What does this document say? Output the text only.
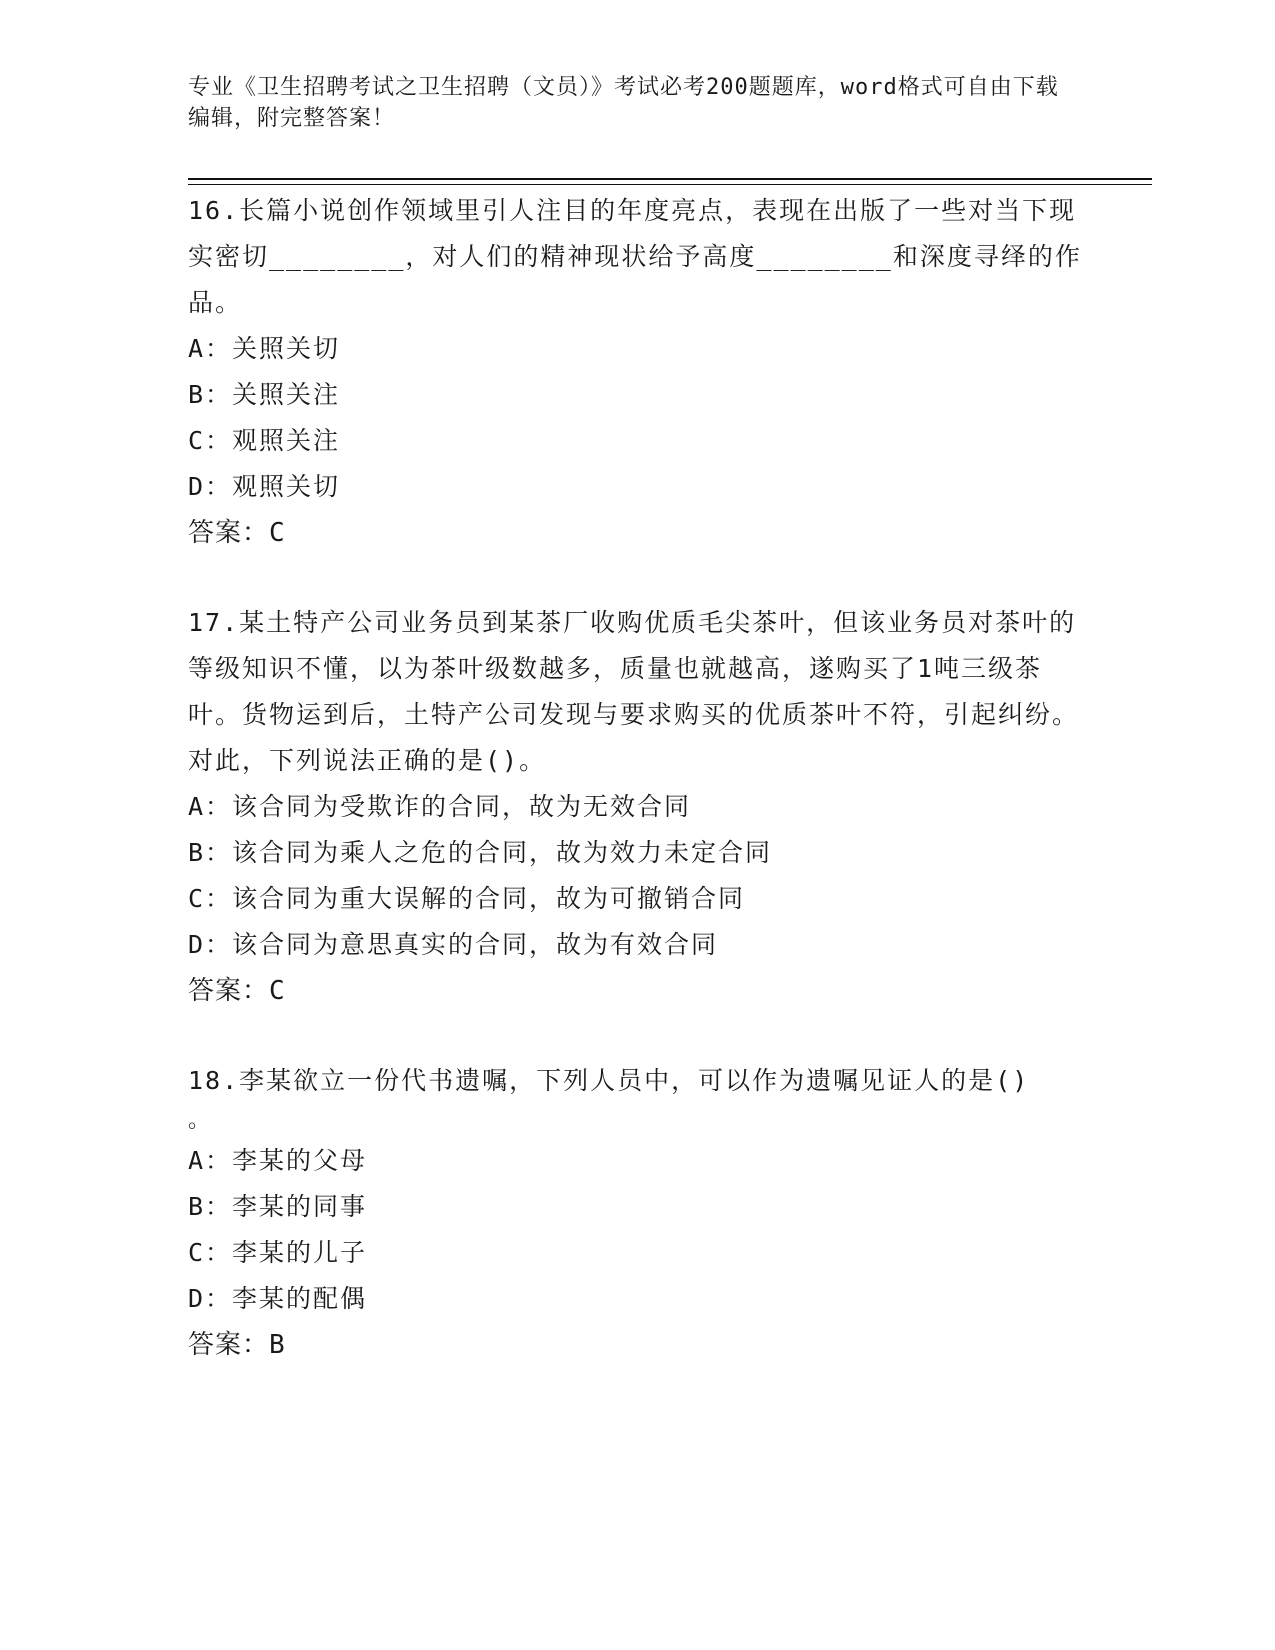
专业《卫生招聘考试之卫生招聘（文员）》考试必考200题题库，word格式可自由下载编辑，附完整答案！

16.长篇小说创作领域里引人注目的年度亮点，表现在出版了一些对当下现实密切________，对人们的精神现状给予高度________和深度寻绎的作品。

A：关照关切
B：关照关注
C：观照关注
D：观照关切
答案：C

17.某土特产公司业务员到某茶厂收购优质毛尖茶叶，但该业务员对茶叶的等级知识不懂，以为茶叶级数越多，质量也就越高，遂购买了1吨三级茶叶。货物运到后，土特产公司发现与要求购买的优质茶叶不符，引起纠纷。对此，下列说法正确的是()。

A：该合同为受欺诈的合同，故为无效合同
B：该合同为乘人之危的合同，故为效力未定合同
C：该合同为重大误解的合同，故为可撤销合同
D：该合同为意思真实的合同，故为有效合同
答案：C

18.李某欲立一份代书遗嘱，下列人员中，可以作为遗嘱见证人的是()
。

A：李某的父母
B：李某的同事
C：李某的儿子
D：李某的配偶
答案：B
